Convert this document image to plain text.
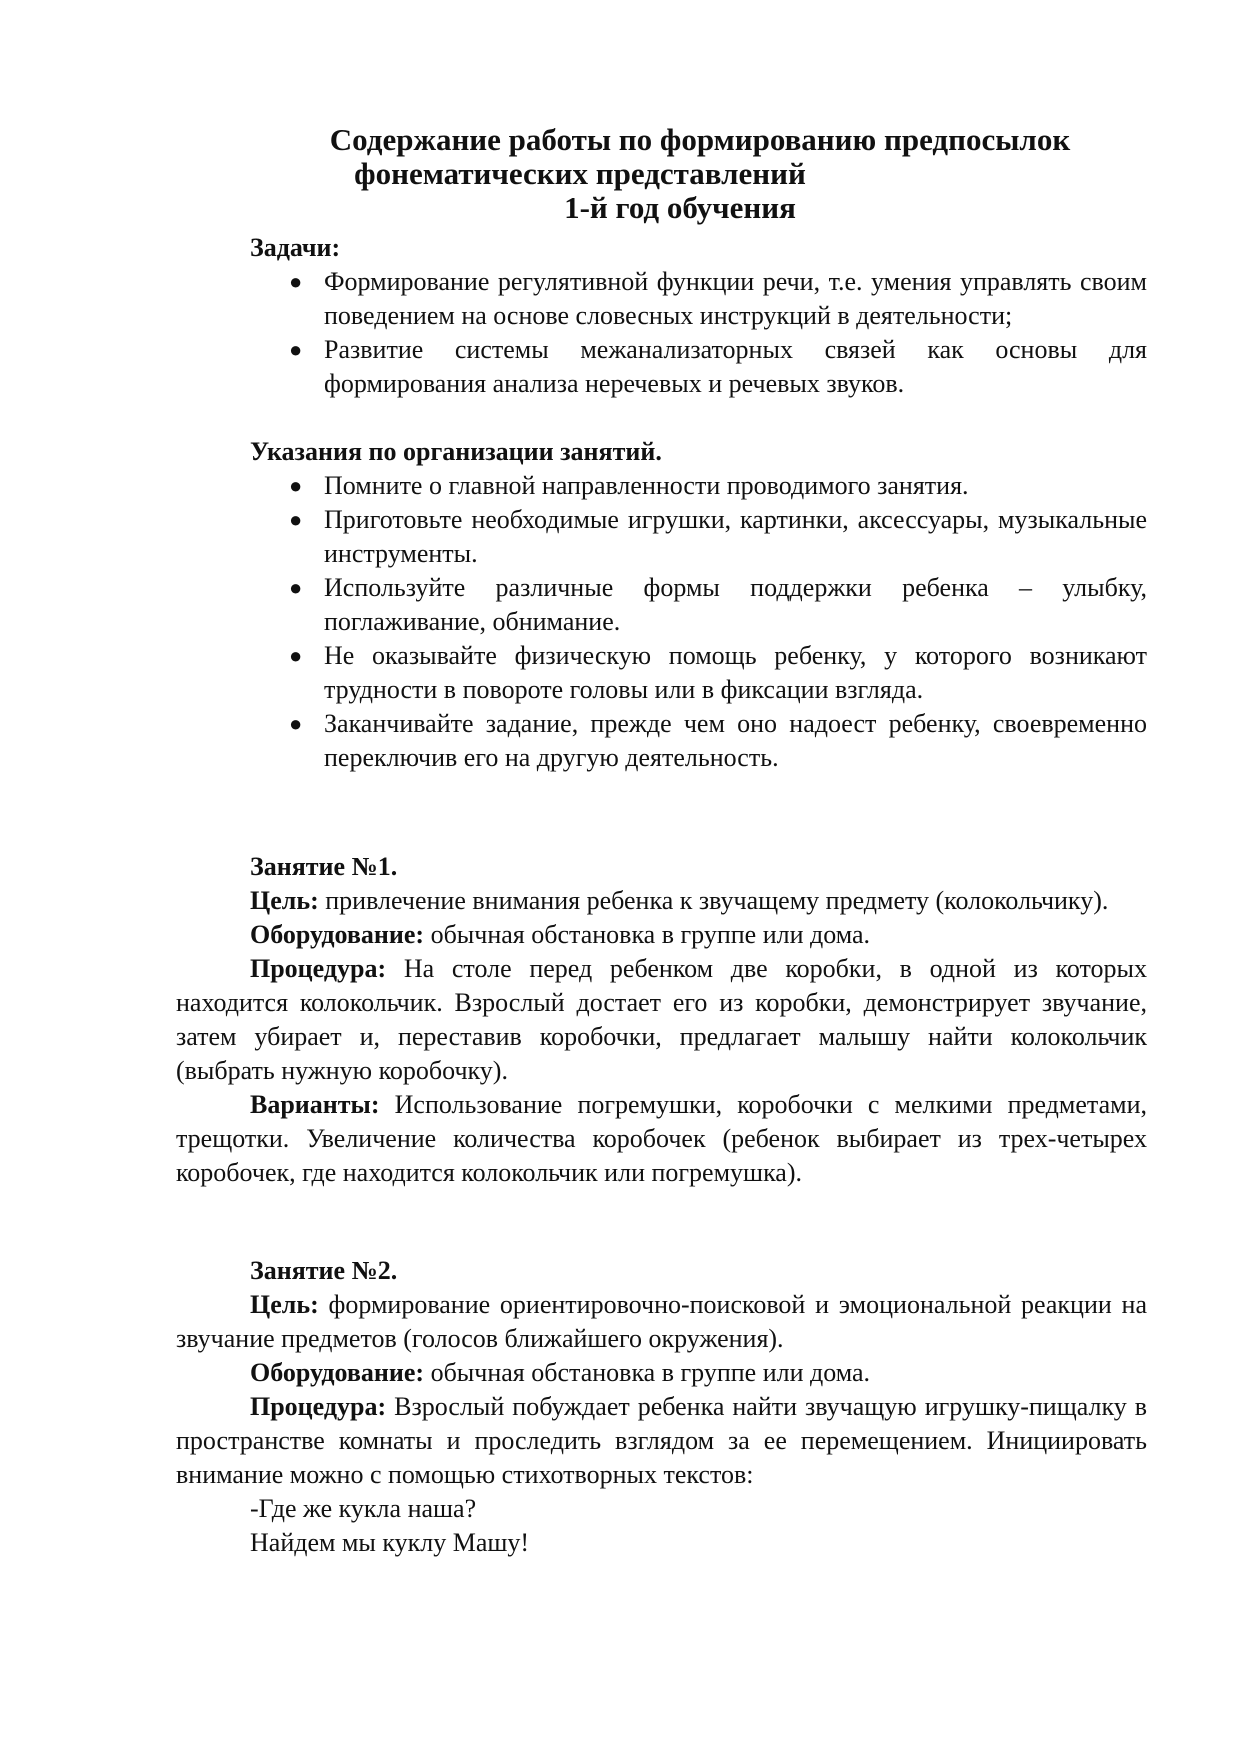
Содержание работы по формированию предпосылок
фонематических представлений
1-й год обучения
Задачи:
● Формирование регулятивной функции речи, т.е. умения управлять своим поведением на основе словесных инструкций в деятельности;
● Развитие системы межанализаторных связей как основы для формирования анализа неречевых и речевых звуков.
Указания по организации занятий.
● Помните о главной направленности проводимого занятия.
● Приготовьте необходимые игрушки, картинки, аксессуары, музыкальные инструменты.
● Используйте различные формы поддержки ребенка – улыбку, поглаживание, обнимание.
● Не оказывайте физическую помощь ребенку, у которого возникают трудности в повороте головы или в фиксации взгляда.
● Заканчивайте задание, прежде чем оно надоест ребенку, своевременно переключив его на другую деятельность.
Занятие №1.

Цель: привлечение внимания ребенка к звучащему предмету (колокольчику).

Оборудование: обычная обстановка в группе или дома.

Процедура: На столе перед ребенком две коробки, в одной из которых находится колокольчик. Взрослый достает его из коробки, демонстрирует звучание, затем убирает и, переставив коробочки, предлагает малышу найти колокольчик (выбрать нужную коробочку).

Варианты: Использование погремушки, коробочки с мелкими предметами, трещотки. Увеличение количества коробочек (ребенок выбирает из трех-четырех коробочек, где находится колокольчик или погремушка).

Занятие №2.

Цель: формирование ориентировочно-поисковой и эмоциональной реакции на звучание предметов (голосов ближайшего окружения).

Оборудование: обычная обстановка в группе или дома.

Процедура: Взрослый побуждает ребенка найти звучащую игрушку-пищалку в пространстве комнаты и проследить взглядом за ее перемещением. Инициировать внимание можно с помощью стихотворных текстов:

-Где же кукла наша?

Найдем мы куклу Машу!
